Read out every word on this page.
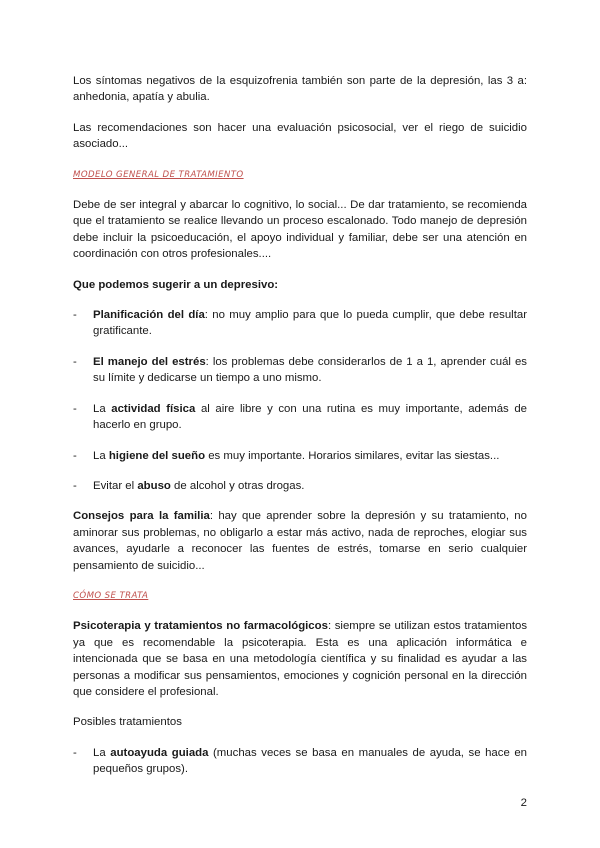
Los síntomas negativos de la esquizofrenia también son parte de la depresión, las 3 a: anhedonia, apatía y abulia.

Las recomendaciones son hacer una evaluación psicosocial, ver el riego de suicidio asociado...

MODELO GENERAL DE TRATAMIENTO

Debe de ser integral y abarcar lo cognitivo, lo social... De dar tratamiento, se recomienda que el tratamiento se realice llevando un proceso escalonado. Todo manejo de depresión debe incluir la psicoeducación, el apoyo individual y familiar, debe ser una atención en coordinación con otros profesionales....

Que podemos sugerir a un depresivo:

- Planificación del día: no muy amplio para que lo pueda cumplir, que debe resultar gratificante.
- El manejo del estrés: los problemas debe considerarlos de 1 a 1, aprender cuál es su límite y dedicarse un tiempo a uno mismo.
- La actividad física al aire libre y con una rutina es muy importante, además de hacerlo en grupo.
- La higiene del sueño es muy importante. Horarios similares, evitar las siestas...
- Evitar el abuso de alcohol y otras drogas.

Consejos para la familia: hay que aprender sobre la depresión y su tratamiento, no aminorar sus problemas, no obligarlo a estar más activo, nada de reproches, elogiar sus avances, ayudarle a reconocer las fuentes de estrés, tomarse en serio cualquier pensamiento de suicidio...

CÓMO SE TRATA

Psicoterapia y tratamientos no farmacológicos: siempre se utilizan estos tratamientos ya que es recomendable la psicoterapia. Esta es una aplicación informática e intencionada que se basa en una metodología científica y su finalidad es ayudar a las personas a modificar sus pensamientos, emociones y cognición personal en la dirección que considere el profesional.

Posibles tratamientos

- La autoayuda guiada (muchas veces se basa en manuales de ayuda, se hace en pequeños grupos).
2
